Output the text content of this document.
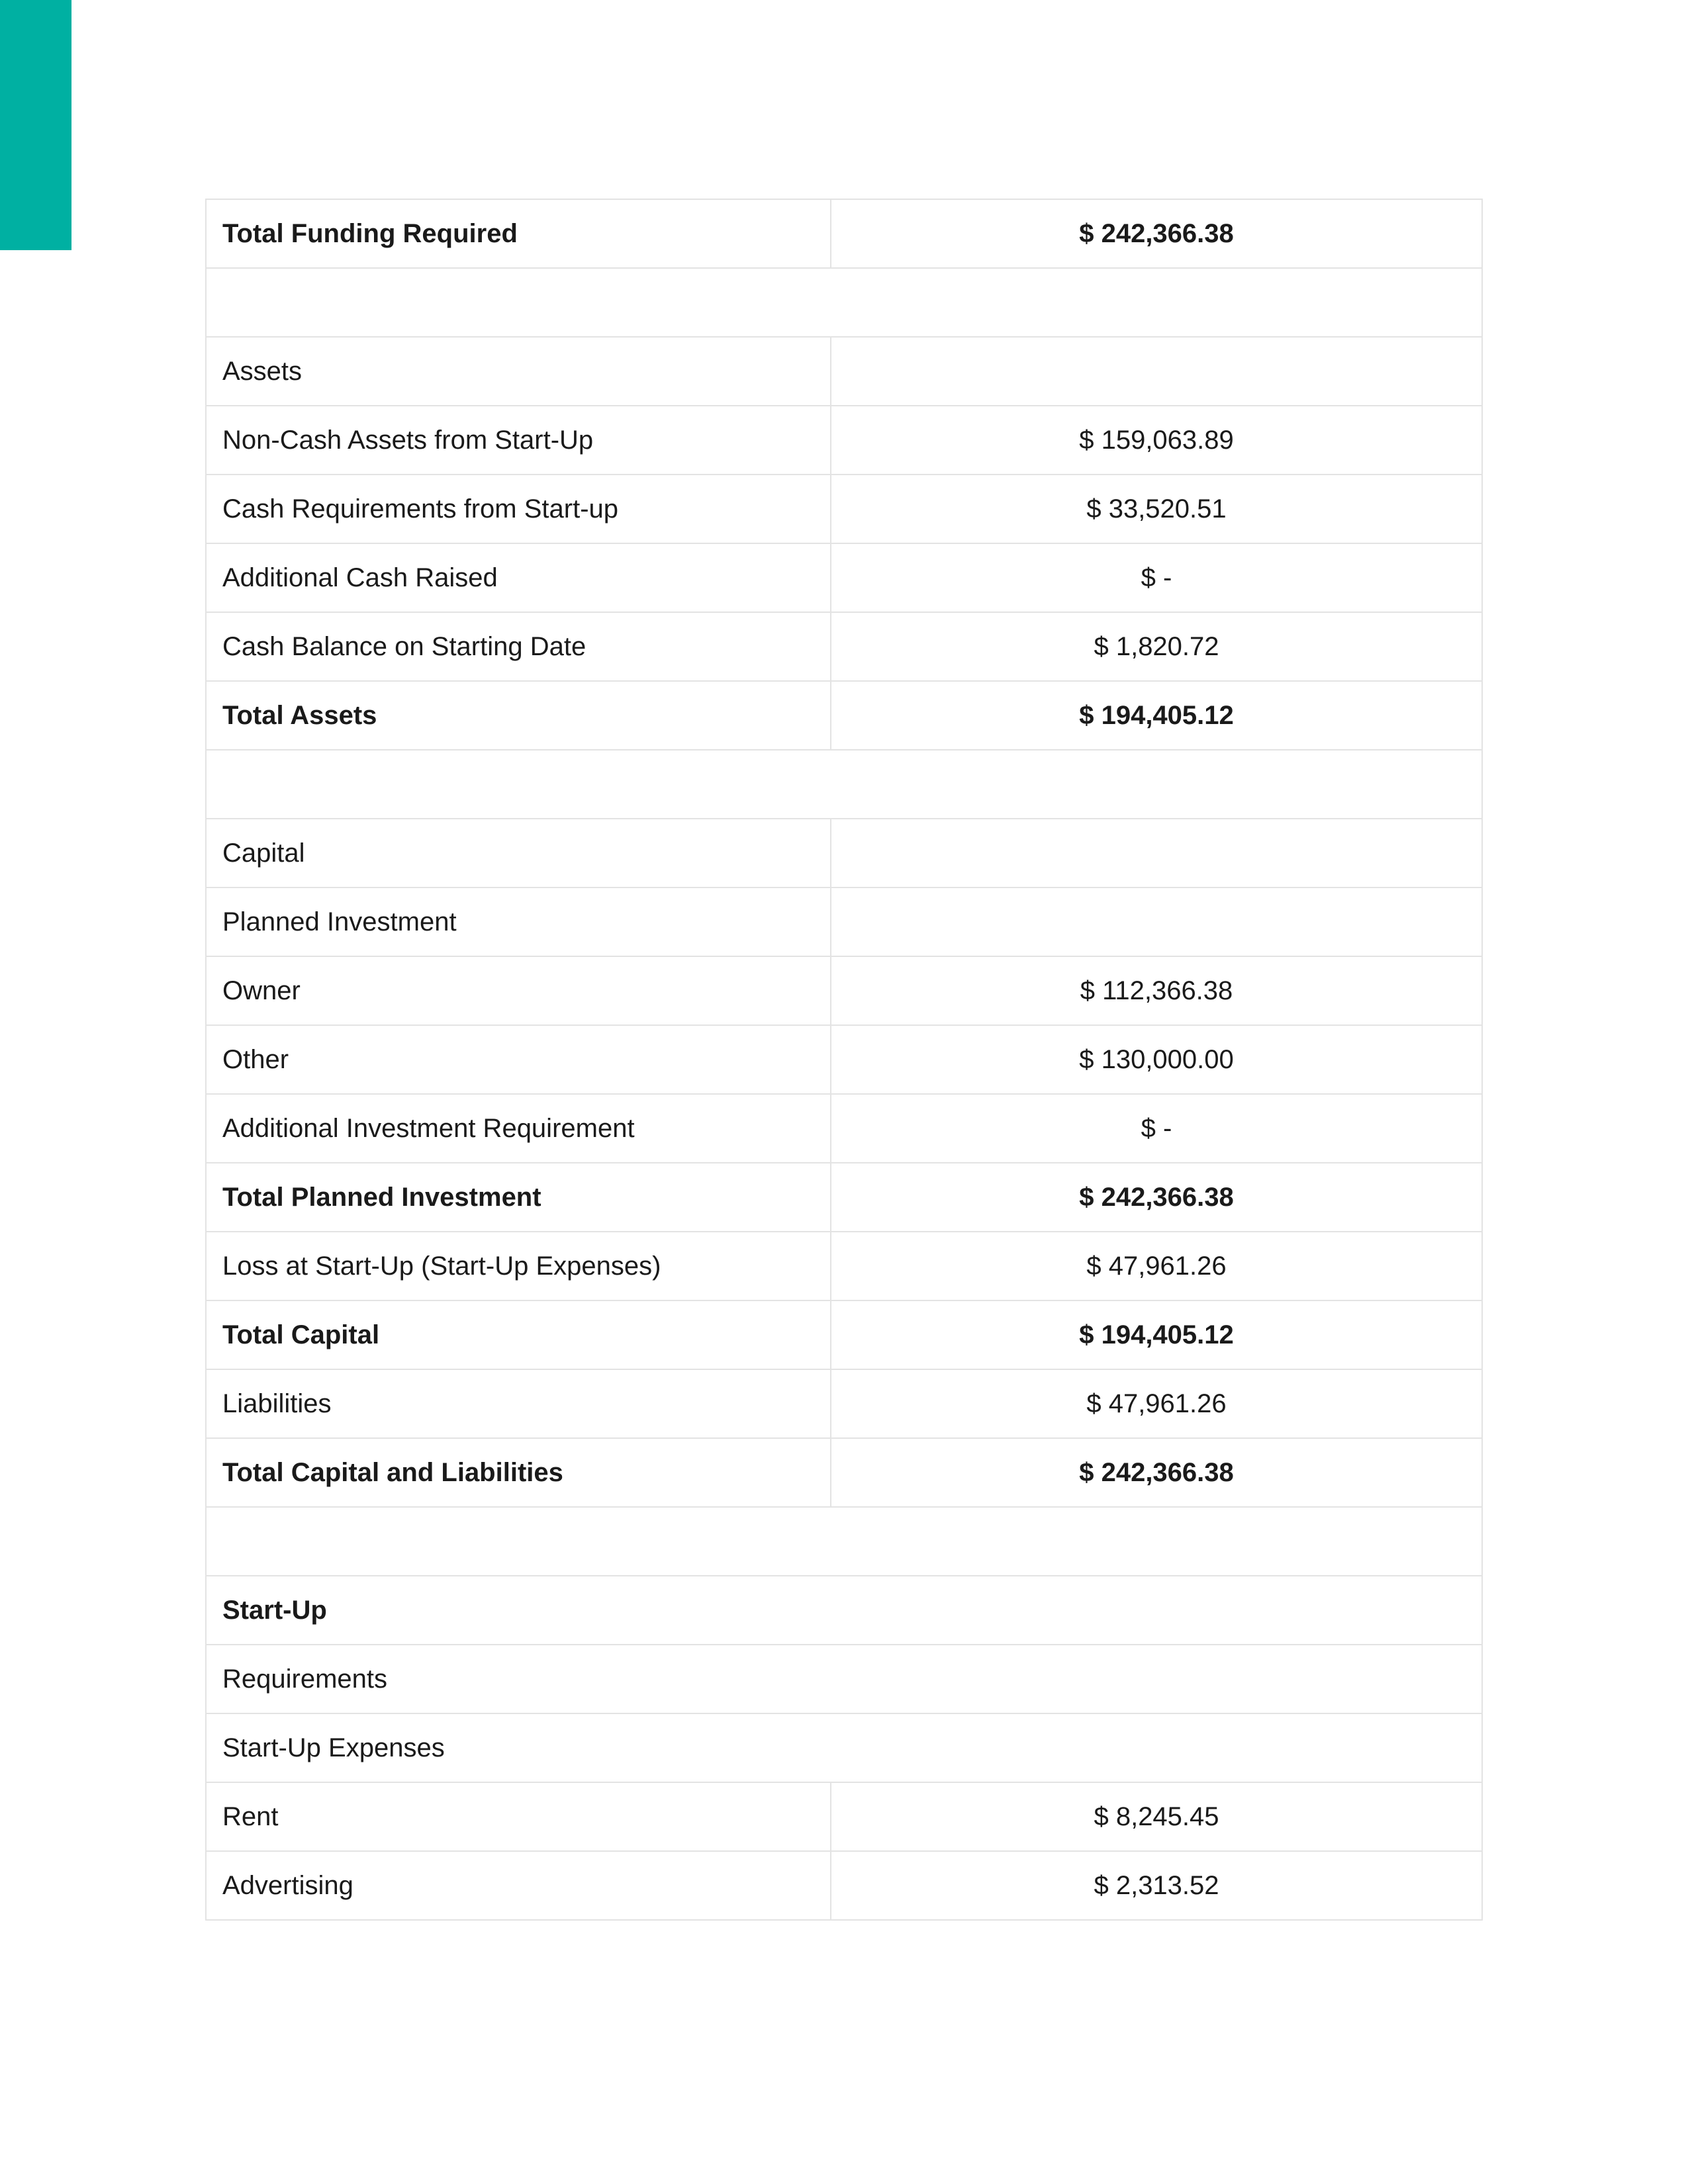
Total Funding Required	$ 242,366.38

Assets	
Non-Cash Assets from Start-Up	$ 159,063.89
Cash Requirements from Start-up	$ 33,520.51
Additional Cash Raised	$ -
Cash Balance on Starting Date	$ 1,820.72
Total Assets	$ 194,405.12

Capital	
Planned Investment	
Owner	$ 112,366.38
Other	$ 130,000.00
Additional Investment Requirement	$ -
Total Planned Investment	$ 242,366.38
Loss at Start-Up (Start-Up Expenses)	$ 47,961.26
Total Capital	$ 194,405.12
Liabilities	$ 47,961.26
Total Capital and Liabilities	$ 242,366.38

Start-Up	
Requirements	
Start-Up Expenses	
Rent	$ 8,245.45
Advertising	$ 2,313.52
